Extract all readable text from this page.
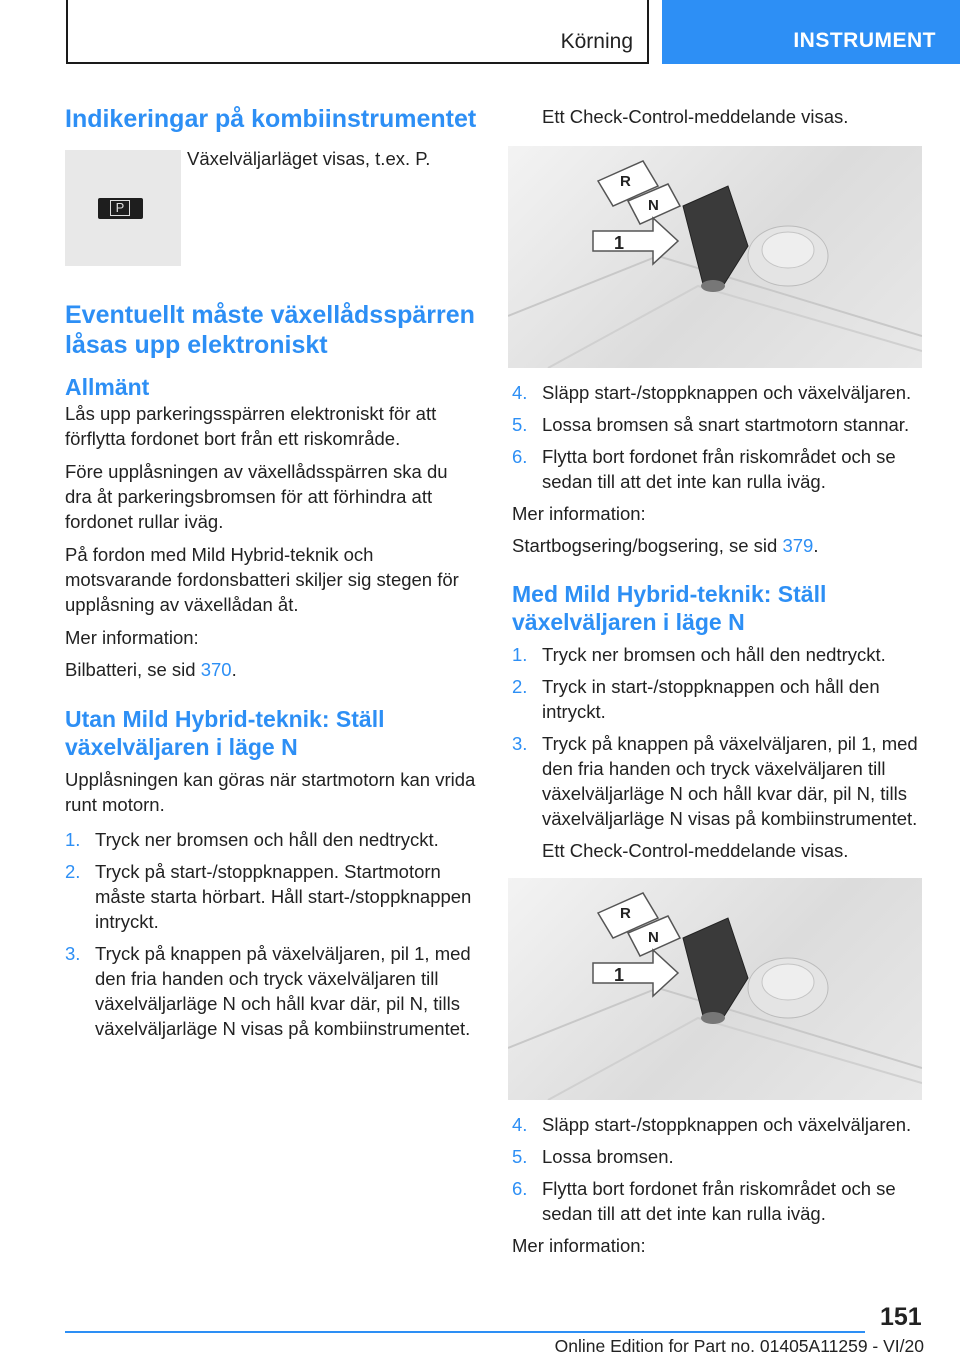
Körning	INSTRUMENT
Indikeringar på kombiinstrumentet
P

Växelväljarläget visas, t.ex. P.

Eventuellt måste växellådsspärren låsas upp elektroniskt
Allmänt

Lås upp parkeringsspärren elektroniskt för att förflytta fordonet bort från ett riskområde.

Före upplåsningen av växellådsspärren ska du dra åt parkeringsbromsen för att förhindra att fordonet rullar iväg.

På fordon med Mild Hybrid-teknik och motsvarande fordonsbatteri skiljer sig stegen för upplåsning av växellådan åt.

Mer information:

Bilbatteri, se sid 370.

Utan Mild Hybrid-teknik: Ställ växelväljaren i läge N

Upplåsningen kan göras när startmotorn kan vrida runt motorn.

1. Tryck ner bromsen och håll den nedtryckt.
2. Tryck på start-/stoppknappen. Startmotorn måste starta hörbart. Håll start-/stoppknappen intryckt.
3. Tryck på knappen på växelväljaren, pil 1, med den fria handen och tryck växelväljaren till växelväljarläge N och håll kvar där, pil N, tills växelväljarläge N visas på kombiinstrumentet.

Ett Check-Control-meddelande visas.

R
N
1
4. Släpp start-/stoppknappen och växelväljaren.
5. Lossa bromsen så snart startmotorn stannar.
6. Flytta bort fordonet från riskområdet och se sedan till att det inte kan rulla iväg.

Mer information:

Startbogsering/bogsering, se sid 379.

Med Mild Hybrid-teknik: Ställ växelväljaren i läge N
1. Tryck ner bromsen och håll den nedtryckt.
2. Tryck in start-/stoppknappen och håll den intryckt.
3. Tryck på knappen på växelväljaren, pil 1, med den fria handen och tryck växelväljaren till växelväljarläge N och håll kvar där, pil N, tills växelväljarläge N visas på kombiinstrumentet.

Ett Check-Control-meddelande visas.

R
N
1
4. Släpp start-/stoppknappen och växelväljaren.
5. Lossa bromsen.
6. Flytta bort fordonet från riskområdet och se sedan till att det inte kan rulla iväg.

Mer information:

151
Online Edition for Part no. 01405A11259 - VI/20
